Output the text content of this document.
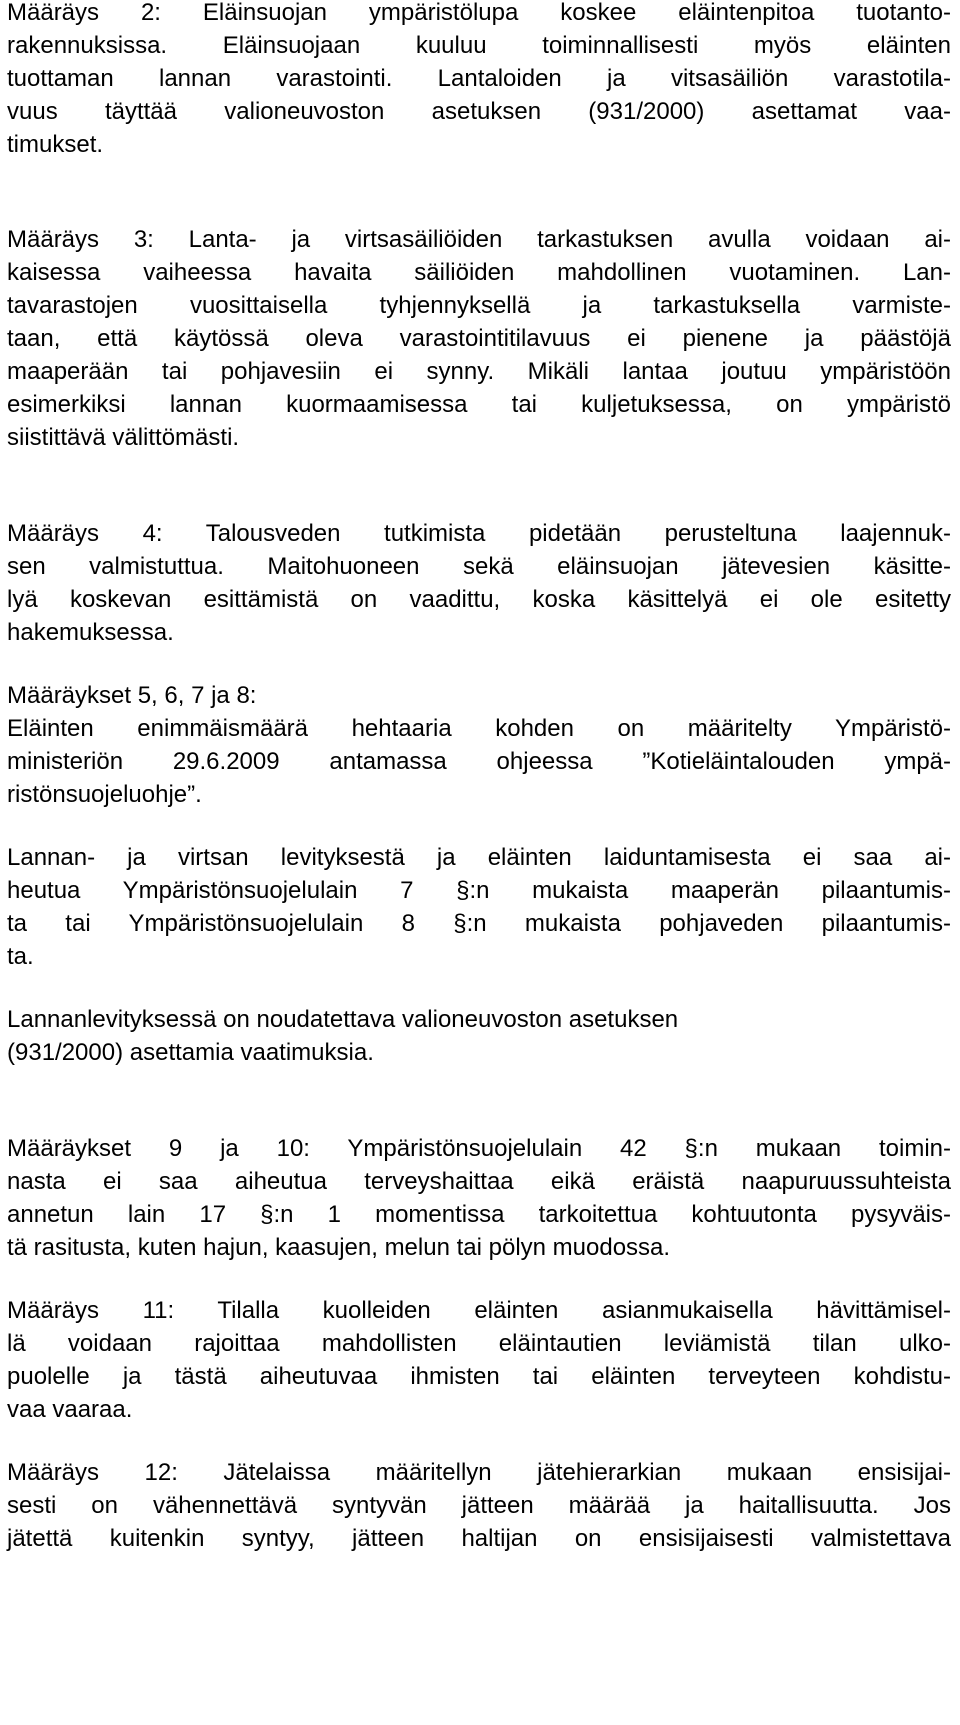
Määräys 2: Eläinsuojan ympäristölupa koskee eläintenpitoa tuotanto-
rakennuksissa. Eläinsuojaan kuuluu toiminnallisesti myös eläinten
tuottaman lannan varastointi. Lantaloiden ja vitsasäiliön varastotila-
vuus täyttää valioneuvoston asetuksen (931/2000) asettamat vaa-
timukset.
Määräys 3: Lanta- ja virtsasäiliöiden tarkastuksen avulla voidaan ai-
kaisessa vaiheessa havaita säiliöiden mahdollinen vuotaminen. Lan-
tavarastojen vuosittaisella tyhjennyksellä ja tarkastuksella varmiste-
taan, että käytössä oleva varastointitilavuus ei pienene ja päästöjä
maaperään tai pohjavesiin ei synny. Mikäli lantaa joutuu ympäristöön
esimerkiksi lannan kuormaamisessa tai kuljetuksessa, on ympäristö
siistittävä välittömästi.
Määräys 4: Talousveden tutkimista pidetään perusteltuna laajennuk-
sen valmistuttua. Maitohuoneen sekä eläinsuojan jätevesien käsitte-
lyä koskevan esittämistä on vaadittu, koska käsittelyä ei ole esitetty
hakemuksessa.
Määräykset 5, 6, 7 ja 8:
Eläinten enimmäismäärä hehtaaria kohden on määritelty Ympäristö-
ministeriön 29.6.2009 antamassa ohjeessa ”Kotieläintalouden ympä-
ristönsuojeluohje”.
Lannan- ja virtsan levityksestä ja eläinten laiduntamisesta ei saa ai-
heutua Ympäristönsuojelulain 7 §:n mukaista maaperän pilaantumis-
ta tai Ympäristönsuojelulain 8 §:n mukaista pohjaveden pilaantumis-
ta.
Lannanlevityksessä on noudatettava valioneuvoston asetuksen
(931/2000) asettamia vaatimuksia.
Määräykset 9 ja 10: Ympäristönsuojelulain 42 §:n mukaan toimin-
nasta ei saa aiheutua terveyshaittaa eikä eräistä naapuruussuhteista
annetun lain 17 §:n 1 momentissa tarkoitettua kohtuutonta pysyväis-
tä rasitusta, kuten hajun, kaasujen, melun tai pölyn muodossa.
Määräys 11: Tilalla kuolleiden eläinten asianmukaisella hävittämisel-
lä voidaan rajoittaa mahdollisten eläintautien leviämistä tilan ulko-
puolelle ja tästä aiheutuvaa ihmisten tai eläinten terveyteen kohdistu-
vaa vaaraa.
Määräys 12: Jätelaissa määritellyn jätehierarkian mukaan ensisijai-
sesti on vähennettävä syntyvän jätteen määrää ja haitallisuutta. Jos
jätettä kuitenkin syntyy, jätteen haltijan on ensisijaisesti valmistettava
